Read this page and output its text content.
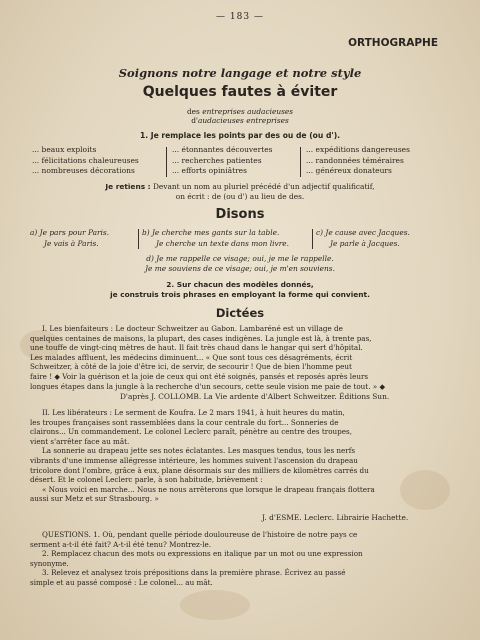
— 183 —
ORTHOGRAPHE
Soignons notre langage et notre style
Quelques fautes à éviter
des entreprises audacieuses
d'audacieuses entreprises
1. Je remplace les points par des ou de (ou d').
... beaux exploits
... félicitations chaleureuses
... nombreuses décorations
... étonnantes découvertes
... recherches patientes
... efforts opiniâtres
... expéditions dangereuses
... randonnées téméraires
... généreux donateurs
Je retiens : Devant un nom au pluriel précédé d'un adjectif qualificatif,
on écrit : de (ou d') au lieu de des.
Disons
a) Je pars pour Paris.
Je vais à Paris.
b) Je cherche mes gants sur la table.
Je cherche un texte dans mon livre.
c) Je cause avec Jacques.
Je parle à Jacques.
d) Je me rappelle ce visage; oui, je me le rappelle.
Je me souviens de ce visage; oui, je m'en souviens.
2. Sur chacun des modèles donnés,
je construis trois phrases en employant la forme qui convient.
Dictées
I. Les bienfaiteurs : Le docteur Schweitzer au Gabon. Lambaréné est un village de
quelques centaines de maisons, la plupart, des cases indigènes. La jungle est là, à trente pas,
une touffe de vingt-cinq mètres de haut. Il fait très chaud dans le hangar qui sert d'hôpital.
Les malades affluent, les médecins diminuent... « Que sont tous ces désagréments, écrit
Schweitzer, à côté de la joie d'être ici, de servir, de secourir ! Que de bien l'homme peut
faire ! ◆ Voir la guérison et la joie de ceux qui ont été soignés, pansés et reposés après leurs
longues étapes dans la jungle à la recherche d'un secours, cette seule vision me paie de tout. » ◆
D'après J. COLLOMB. La Vie ardente d'Albert Schweitzer. Éditions Sun.
II. Les libérateurs : Le serment de Koufra. Le 2 mars 1941, à huit heures du matin,
les troupes françaises sont rassemblées dans la cour centrale du fort... Sonneries de
clairons... Un commandement. Le colonel Leclerc paraît, pénètre au centre des troupes,
vient s'arrêter face au mât.
La sonnerie au drapeau jette ses notes éclatantes. Les masques tendus, tous les nerfs
vibrants d'une immense allégresse intérieure, les hommes suivent l'ascension du drapeau
tricolore dont l'ombre, grâce à eux, plane désormais sur des milliers de kilomètres carrés du
désert. Et le colonel Leclerc parle, à son habitude, brièvement :
« Nous voici en marche... Nous ne nous arrêterons que lorsque le drapeau français flottera
aussi sur Metz et sur Strasbourg. »
J. d'ESME. Leclerc. Librairie Hachette.
QUESTIONS. 1. Où, pendant quelle période douloureuse de l'histoire de notre pays ce
serment a-t-il été fait? A-t-il été tenu? Montrez-le.
2. Remplacez chacun des mots ou expressions en italique par un mot ou une expression
synonyme.
3. Relevez et analysez trois prépositions dans la première phrase. Écrivez au passé
simple et au passé composé : Le colonel... au mât.
